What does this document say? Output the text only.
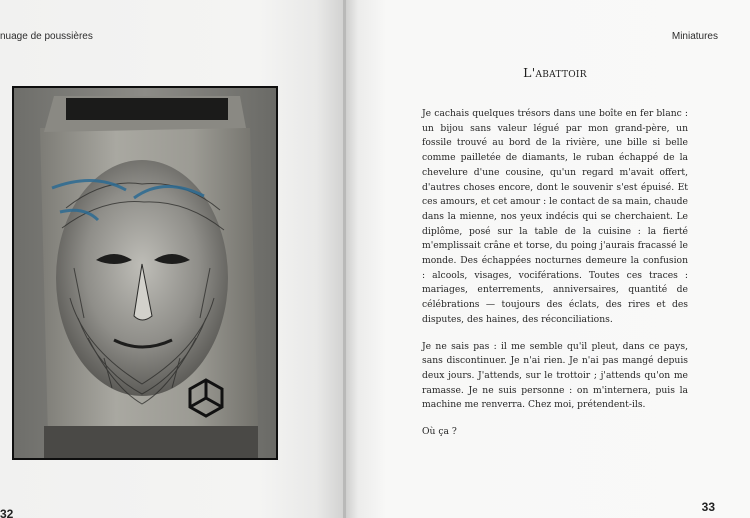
nuage de poussières
32
Miniatures
33
L'abattoir

Je cachais quelques trésors dans une boîte en fer blanc : un bijou sans valeur légué par mon grand-père, un fossile trouvé au bord de la rivière, une bille si belle comme pailletée de diamants, le ruban échappé de la chevelure d'une cousine, qu'un regard m'avait offert, d'autres choses encore, dont le souvenir s'est épuisé. Et ces amours, et cet amour : le contact de sa main, chaude dans la mienne, nos yeux indécis qui se cherchaient. Le diplôme, posé sur la table de la cuisine : la fierté m'emplissait crâne et torse, du poing j'aurais fracassé le monde. Des échappées nocturnes demeure la confusion : alcools, visages, vociférations. Toutes ces traces : mariages, enterrements, anniversaires, quantité de célébrations — toujours des éclats, des rires et des disputes, des haines, des réconciliations.

Je ne sais pas : il me semble qu'il pleut, dans ce pays, sans discontinuer. Je n'ai rien. Je n'ai pas mangé depuis deux jours. J'attends, sur le trottoir ; j'attends qu'on me ramasse. Je ne suis personne : on m'internera, puis la machine me renverra. Chez moi, prétendent-ils.

Où ça ?
